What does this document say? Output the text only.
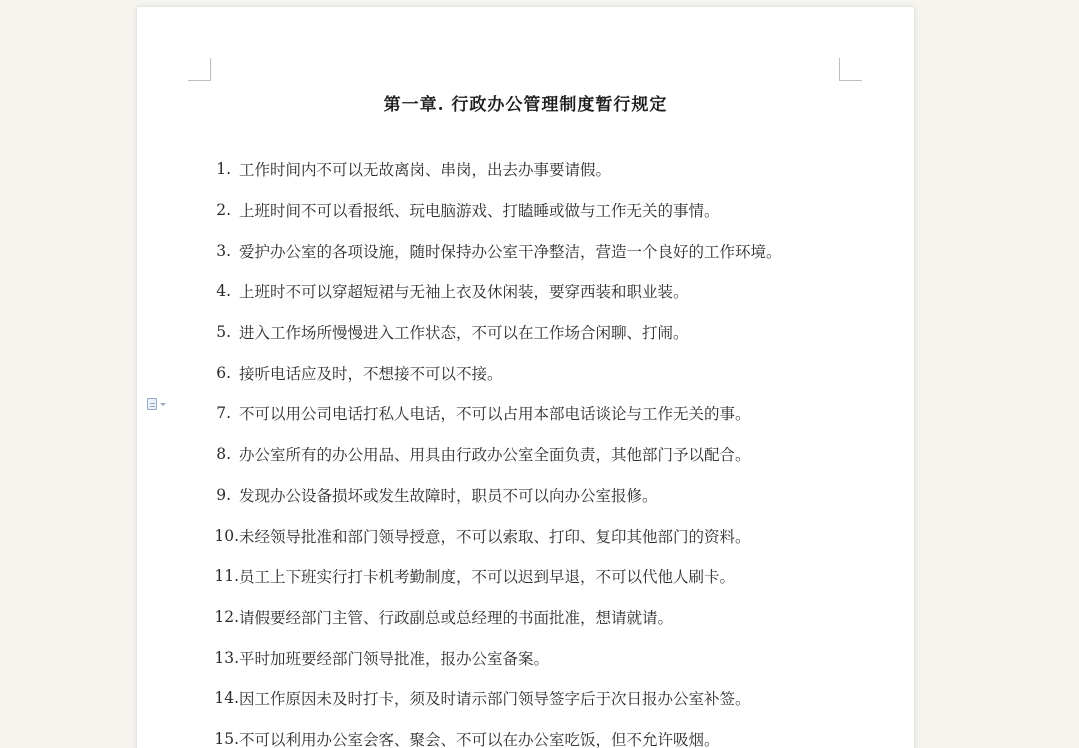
第一章. 行政办公管理制度暂行规定
1. 工作时间内不可以无故离岗、串岗，出去办事要请假。
2. 上班时间不可以看报纸、玩电脑游戏、打瞌睡或做与工作无关的事情。
3. 爱护办公室的各项设施，随时保持办公室干净整洁，营造一个良好的工作环境。
4. 上班时不可以穿超短裙与无袖上衣及休闲装，要穿西装和职业装。
5. 进入工作场所慢慢进入工作状态，不可以在工作场合闲聊、打闹。
6. 接听电话应及时，不想接不可以不接。
7. 不可以用公司电话打私人电话，不可以占用本部电话谈论与工作无关的事。
8. 办公室所有的办公用品、用具由行政办公室全面负责，其他部门予以配合。
9. 发现办公设备损坏或发生故障时，职员不可以向办公室报修。
10. 未经领导批准和部门领导授意，不可以索取、打印、复印其他部门的资料。
11. 员工上下班实行打卡机考勤制度，不可以迟到早退，不可以代他人刷卡。
12. 请假要经部门主管、行政副总或总经理的书面批准，想请就请。
13. 平时加班要经部门领导批准，报办公室备案。
14. 因工作原因未及时打卡，须及时请示部门领导签字后于次日报办公室补签。
15. 不可以利用办公室会客、聚会、不可以在办公室吃饭，但不允许吸烟。
